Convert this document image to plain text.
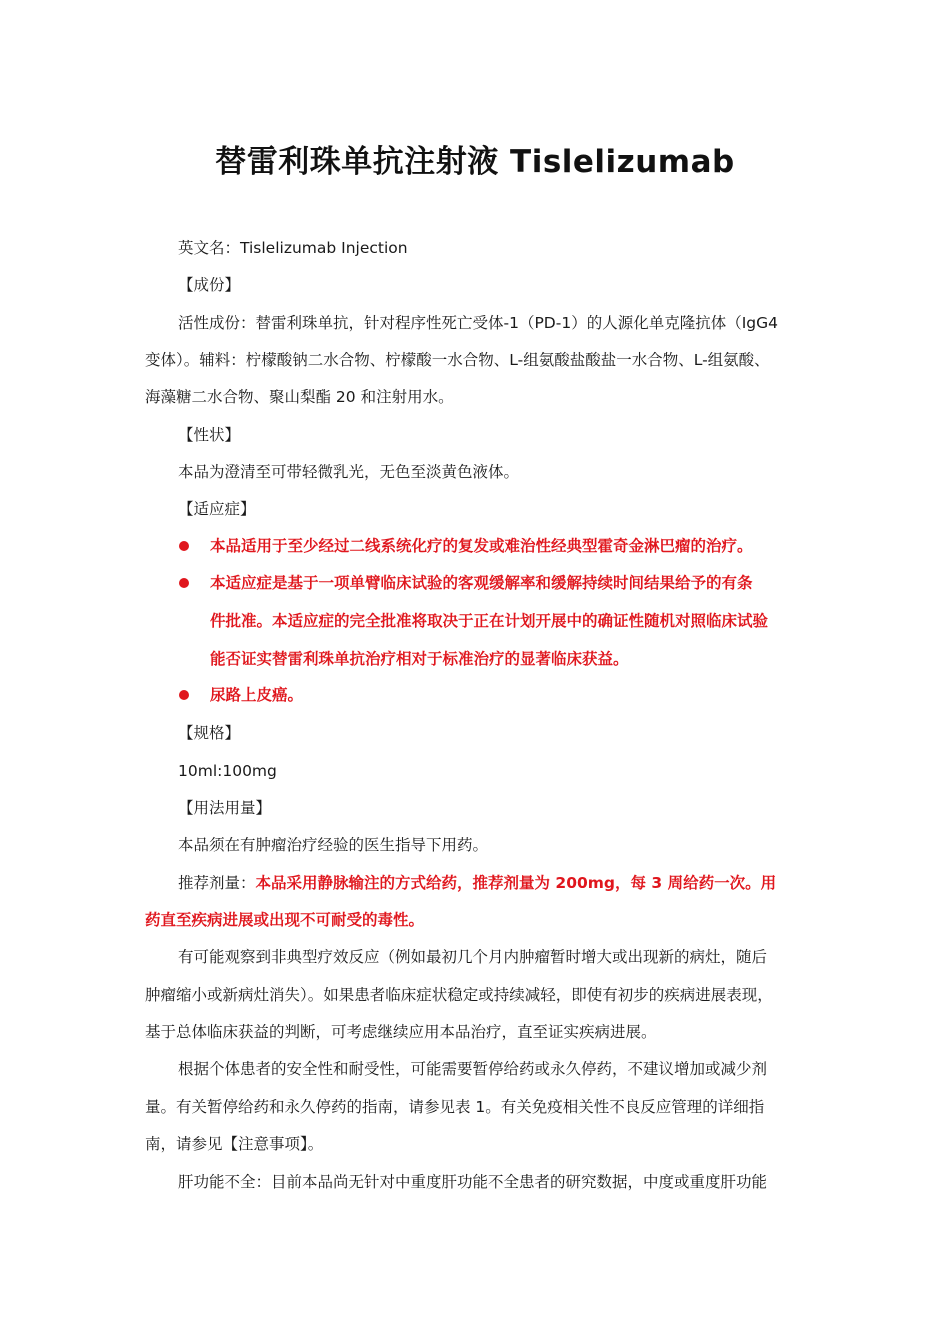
替雷利珠单抗注射液 Tislelizumab
英文名：Tislelizumab Injection
【成份】
活性成份：替雷利珠单抗，针对程序性死亡受体-1（PD-1）的人源化单克隆抗体（IgG4
变体）。辅料：柠檬酸钠二水合物、柠檬酸一水合物、L-组氨酸盐酸盐一水合物、L-组氨酸、
海藻糖二水合物、聚山梨酯 20 和注射用水。
【性状】
本品为澄清至可带轻微乳光，无色至淡黄色液体。
【适应症】
本品适用于至少经过二线系统化疗的复发或难治性经典型霍奇金淋巴瘤的治疗。
本适应症是基于一项单臂临床试验的客观缓解率和缓解持续时间结果给予的有条
件批准。本适应症的完全批准将取决于正在计划开展中的确证性随机对照临床试验
能否证实替雷利珠单抗治疗相对于标准治疗的显著临床获益。
尿路上皮癌。
【规格】
10ml:100mg
【用法用量】
本品须在有肿瘤治疗经验的医生指导下用药。
推荐剂量：本品采用静脉输注的方式给药，推荐剂量为 200mg，每 3 周给药一次。用
药直至疾病进展或出现不可耐受的毒性。
有可能观察到非典型疗效反应（例如最初几个月内肿瘤暂时增大或出现新的病灶，随后
肿瘤缩小或新病灶消失）。如果患者临床症状稳定或持续减轻，即使有初步的疾病进展表现，
基于总体临床获益的判断，可考虑继续应用本品治疗，直至证实疾病进展。
根据个体患者的安全性和耐受性，可能需要暂停给药或永久停药，不建议增加或减少剂
量。有关暂停给药和永久停药的指南，请参见表 1。有关免疫相关性不良反应管理的详细指
南，请参见【注意事项】。
肝功能不全：目前本品尚无针对中重度肝功能不全患者的研究数据，中度或重度肝功能
